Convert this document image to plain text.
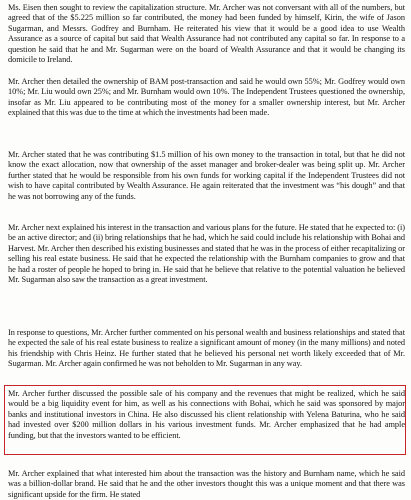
Ms. Eisen then sought to review the capitalization structure. Mr. Archer was not conversant with all of the numbers, but agreed that of the $5.225 million so far contributed, the money had been funded by himself, Kirin, the wife of Jason Sugarman, and Messrs. Godfrey and Burnham. He reiterated his view that it would be a good idea to use Wealth Assurance as a source of capital but said that Wealth Assurance had not contributed any capital so far. In response to a question he said that he and Mr. Sugarman were on the board of Wealth Assurance and that it would be changing its domicile to Ireland.

Mr. Archer then detailed the ownership of BAM post-transaction and said he would own 55%; Mr. Godfrey would own 10%; Mr. Liu would own 25%; and Mr. Burnham would own 10%. The Independent Trustees questioned the ownership, insofar as Mr. Liu appeared to be contributing most of the money for a smaller ownership interest, but Mr. Archer explained that this was due to the time at which the investments had been made.

Mr. Archer stated that he was contributing $1.5 million of his own money to the transaction in total, but that he did not know the exact allocation, now that ownership of the asset manager and broker-dealer was being split up. Mr. Archer further stated that he would be responsible from his own funds for working capital if the Independent Trustees did not wish to have capital contributed by Wealth Assurance. He again reiterated that the investment was “his dough” and that he was not borrowing any of the funds.

Mr. Archer next explained his interest in the transaction and various plans for the future. He stated that he expected to: (i) be an active director; and (ii) bring relationships that he had, which he said could include his relationship with Bohai and Harvest. Mr. Archer then described his existing businesses and stated that he was in the process of either recapitalizing or selling his real estate business. He said that he expected the relationship with the Burnham companies to grow and that he had a roster of people he hoped to bring in. He said that he believe that relative to the potential valuation he believed Mr. Sugarman also saw the transaction as a great investment.

In response to questions, Mr. Archer further commented on his personal wealth and business relationships and stated that he expected the sale of his real estate business to realize a significant amount of money (in the many millions) and noted his friendship with Chris Heinz. He further stated that he believed his personal net worth likely exceeded that of Mr. Sugarman. Mr. Archer again confirmed he was not beholden to Mr. Sugarman in any way.

Mr. Archer further discussed the possible sale of his company and the revenues that might be realized, which he said would be a big liquidity event for him, as well as his connections with Bohai, which he said was sponsored by major banks and institutional investors in China. He also discussed his client relationship with Yelena Baturina, who he said had invested over $200 million dollars in his various investment funds. Mr. Archer emphasized that he had ample funding, but that the investors wanted to be efficient.

Mr. Archer explained that what interested him about the transaction was the history and Burnham name, which he said was a billion-dollar brand. He said that he and the other investors thought this was a unique moment and that there was significant upside for the firm. He stated
